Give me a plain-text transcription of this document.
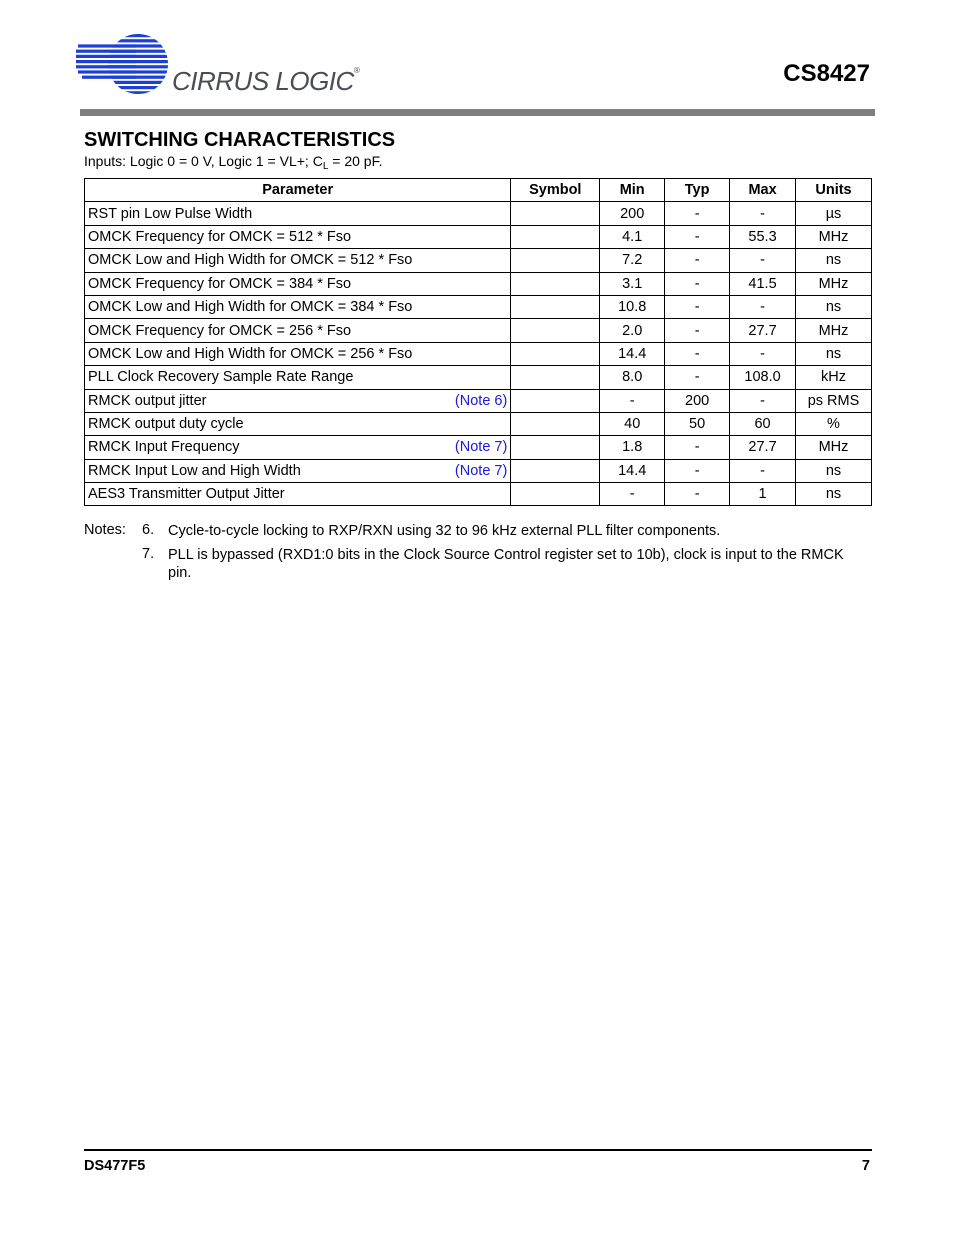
CIRRUS LOGIC®	CS8427
SWITCHING CHARACTERISTICS
Inputs: Logic 0 = 0 V, Logic 1 = VL+; $C_L = 20$ pF.
Parameter	Symbol	Min	Typ	Max	Units

RST pin Low Pulse Width		200	-	-	µs

OMCK Frequency for OMCK = 512 * Fso		4.1	-	55.3	MHz

OMCK Low and High Width for OMCK = 512 * Fso		7.2	-	-	ns

OMCK Frequency for OMCK = 384 * Fso		3.1	-	41.5	MHz

OMCK Low and High Width for OMCK = 384 * Fso		10.8	-	-	ns

OMCK Frequency for OMCK = 256 * Fso		2.0	-	27.7	MHz

OMCK Low and High Width for OMCK = 256 * Fso		14.4	-	-	ns

PLL Clock Recovery Sample Rate Range		8.0	-	108.0	kHz

RMCK output jitter (Note 6)		-	200	-	ps RMS

RMCK output duty cycle		40	50	60	%

RMCK Input Frequency (Note 7)		1.8	-	27.7	MHz

RMCK Input Low and High Width (Note 7)		14.4	-	-	ns

AES3 Transmitter Output Jitter		-	-	1	ns
Notes: 6. Cycle-to-cycle locking to RXP/RXN using 32 to 96 kHz external PLL filter components.
7. PLL is bypassed (RXD1:0 bits in the Clock Source Control register set to 10b), clock is input to the RMCK pin.
DS477F5	7
